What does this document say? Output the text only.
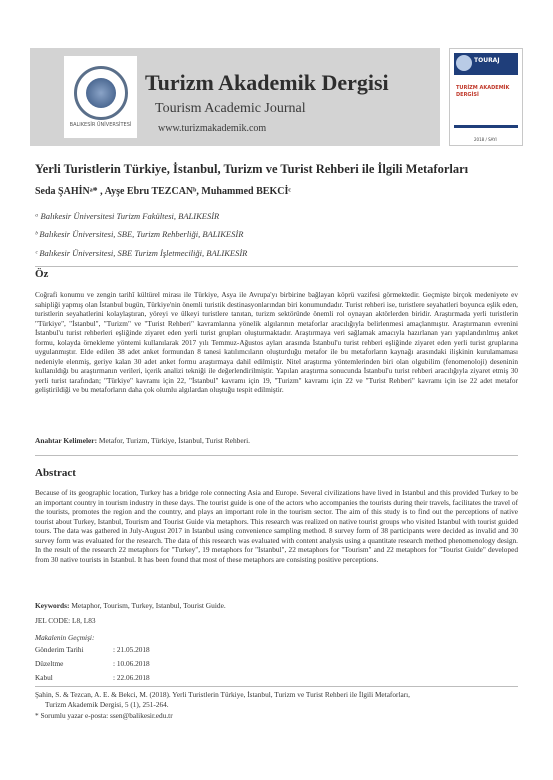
BALIKESİR ÜNİVERSİTESİ
Turizm Akademik Dergisi
Tourism Academic Journal
www.turizmakademik.com
TOURAJ
TURİZM AKADEMİK DERGİSİ
2018 / SAYI
Yerli Turistlerin Türkiye, İstanbul, Turizm ve Turist Rehberi ile İlgili Metaforları
Seda ŞAHİNᵃ* , Ayşe Ebru TEZCANᵇ, Muhammed BEKCİᶜ
ᵃ Balıkesir Üniversitesi Turizm Fakültesi, BALIKESİR
ᵇ Balıkesir Üniversitesi, SBE, Turizm Rehberliği, BALIKESİR
ᶜ Balıkesir Üniversitesi, SBE Turizm İşletmeciliği, BALIKESİR
Öz
Coğrafi konumu ve zengin tarihî kültürel mirası ile Türkiye, Asya ile Avrupa'yı birbirine bağlayan köprü vazifesi görmektedir. Geçmişte birçok medeniyete ev sahipliği yapmış olan İstanbul bugün, Türkiye'nin önemli turistik destinasyonlarından biri konumundadır. Turist rehberi ise, turistlere seyahatleri boyunca eşlik eden, turistlerin seyahatlerini kolaylaştıran, yöreyi ve ülkeyi turistlere tanıtan, turizm sektöründe önemli rol oynayan aktörlerden biridir. Araştırmada yerli turistlerin "Türkiye", "İstanbul", "Turizm" ve "Turist Rehberi" kavramlarına yönelik algılarının metaforlar aracılığıyla belirlenmesi amaçlanmıştır. Araştırmanın evrenini İstanbul'u turist rehberleri eşliğinde ziyaret eden yerli turist grupları oluşturmaktadır. Araştırmaya veri sağlamak amacıyla hazırlanan yarı yapılandırılmış anket formu, kolayda örnekleme yöntemi kullanılarak 2017 yılı Temmuz-Ağustos ayları arasında İstanbul'u turist rehberi eşliğinde ziyaret eden yerli turist gruplarına uygulanmıştır. Elde edilen 38 adet anket formundan 8 tanesi katılımcıların oluşturduğu metafor ile bu metaforların kaynağı arasındaki ilişkinin kurulamaması nedeniyle elenmiş, geriye kalan 30 adet anket formu araştırmaya dahil edilmiştir. Nitel araştırma yöntemlerinden biri olan olgubilim (fenomenoloji) deseninin kullanıldığı bu araştırmanın verileri, içerik analizi tekniği ile değerlendirilmiştir. Yapılan araştırma sonucunda İstanbul'u turist rehberi aracılığıyla ziyaret etmiş 30 yerli turist tarafından; "Türkiye" kavramı için 22, "İstanbul" kavramı için 19, "Turizm" kavramı için 22 ve "Turist Rehberi" kavramı için ise 22 adet metafor geliştirildiği ve bu metaforların daha çok olumlu algılardan oluştuğu tespit edilmiştir.
Anahtar Kelimeler: Metafor, Turizm, Türkiye, İstanbul, Turist Rehberi.
Abstract
Because of its geographic location, Turkey has a bridge role connecting Asia and Europe. Several civilizations have lived in Istanbul and this provided Turkey to be an important country in tourism industry in these days. The tourist guide is one of the actors who accompanies the tourists during their travels, facilitates the travel of the tourists, promotes the region and the country, and plays an important role in the tourism sector. The aim of this study is to find out the perceptions of native tourist about Turkey, Istanbul, Tourism and Tourist Guide via metaphors. This research was realized on native tourist groups who visited Istanbul with tourist guided tours. The data was gathered in July-August 2017 in Istanbul using convenience sampling method. 8 survey form of 38 participants were decided as invalid and 30 survey form was evaluated for the research. The data of this research was evaluated with content analysis using a quantitate research method phenomenology design. In the result of the research 22 metaphors for "Turkey", 19 metaphors for "Istanbul", 22 metaphors for "Tourism" and 22 metaphors for "Tourist Guide" developed from 30 native tourists in Istanbul. It has been found that most of these metaphors are consisting positive perceptions.
Keywords: Metaphor, Tourism, Turkey, Istanbul, Tourist Guide.
JEL CODE: L8, L83
Makalenin Geçmişi:
Gönderim Tarihi	: 21.05.2018
Düzeltme	: 10.06.2018
Kabul	: 22.06.2018
Şahin, S. & Tezcan, A. E. & Bekci, M. (2018). Yerli Turistlerin Türkiye, İstanbul, Turizm ve Turist Rehberi ile İlgili Metaforları,
Turizm Akademik Dergisi, 5 (1), 251-264.
* Sorumlu yazar e-posta: ssen@balikesir.edu.tr
